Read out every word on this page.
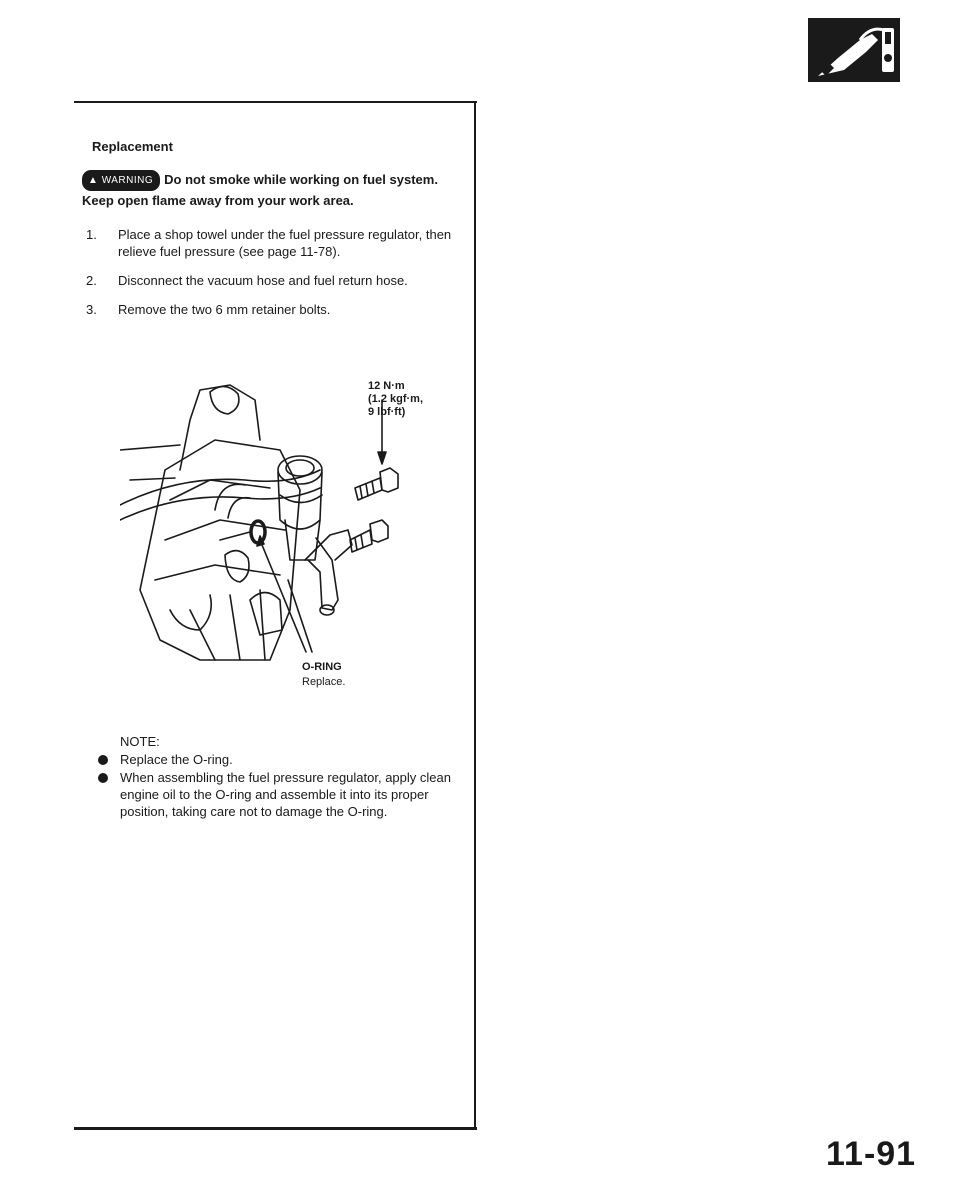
Replacement
▲ WARNING Do not smoke while working on fuel system. Keep open flame away from your work area.
1.	Place a shop towel under the fuel pressure regulator, then relieve fuel pressure (see page 11-78).
2.	Disconnect the vacuum hose and fuel return hose.
3.	Remove the two 6 mm retainer bolts.
12 N·m
(1.2 kgf·m,
9 lbf·ft)
O-RING
Replace.
NOTE:
Replace the O-ring.
When assembling the fuel pressure regulator, apply clean engine oil to the O-ring and assemble it into its proper position, taking care not to damage the O-ring.
11-91
